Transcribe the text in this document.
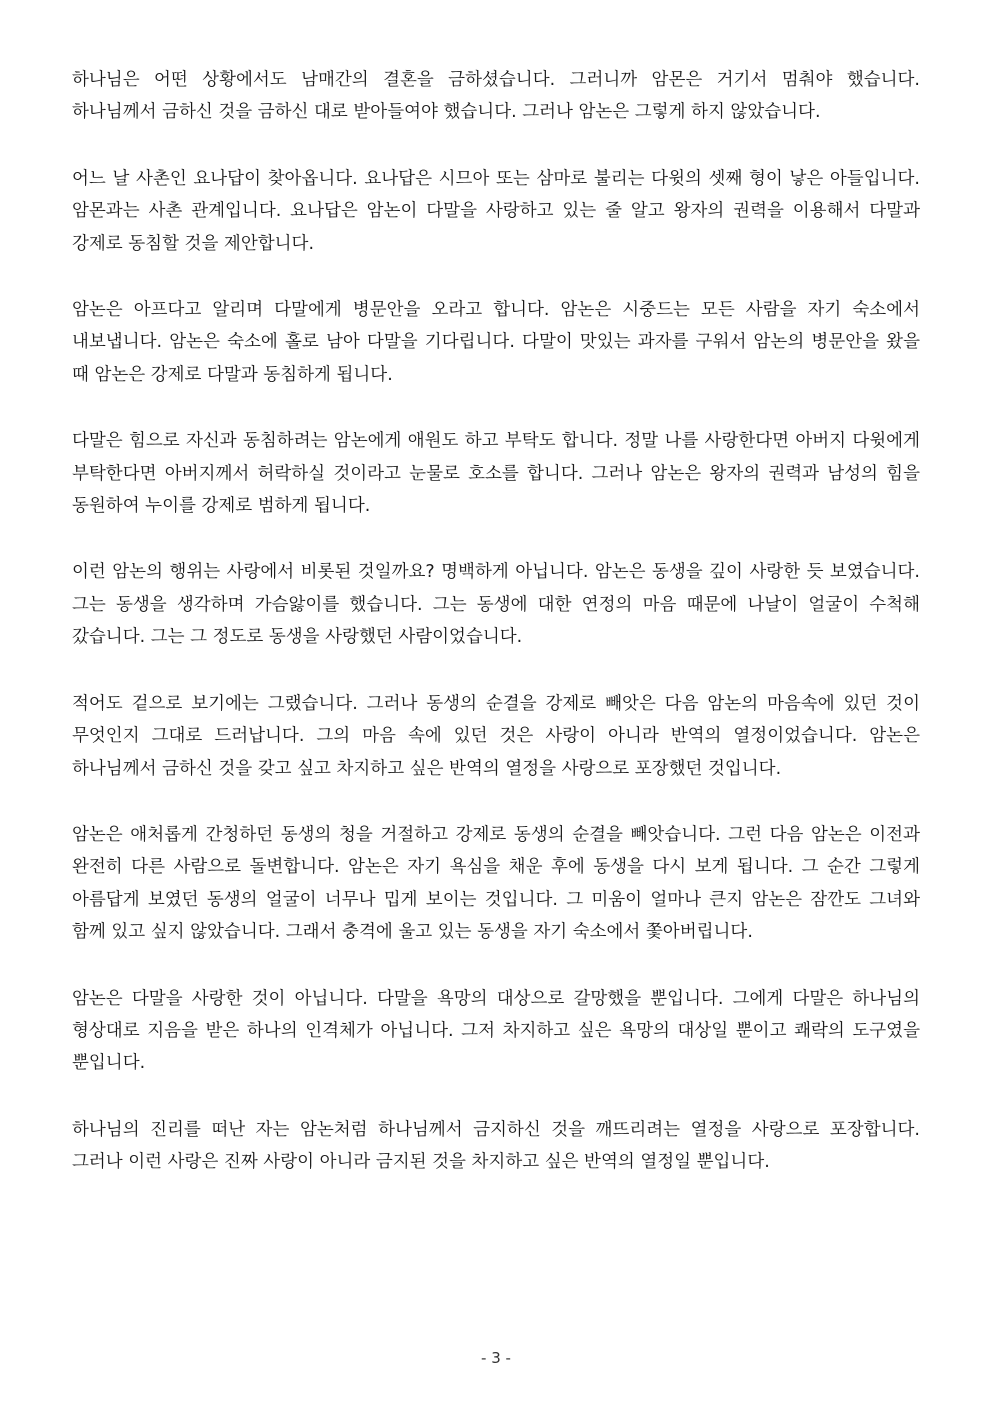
하나님은 어떤 상황에서도 남매간의 결혼을 금하셨습니다. 그러니까 암몬은 거기서 멈춰야 했습니다. 하나님께서 금하신 것을 금하신 대로 받아들여야 했습니다. 그러나 암논은 그렇게 하지 않았습니다.

어느 날 사촌인 요나답이 찾아옵니다. 요나답은 시므아 또는 삼마로 불리는 다윗의 셋째 형이 낳은 아들입니다. 암몬과는 사촌 관계입니다. 요나답은 암논이 다말을 사랑하고 있는 줄 알고 왕자의 권력을 이용해서 다말과 강제로 동침할 것을 제안합니다.

암논은 아프다고 알리며 다말에게 병문안을 오라고 합니다. 암논은 시중드는 모든 사람을 자기 숙소에서 내보냅니다. 암논은 숙소에 홀로 남아 다말을 기다립니다. 다말이 맛있는 과자를 구워서 암논의 병문안을 왔을 때 암논은 강제로 다말과 동침하게 됩니다.

다말은 힘으로 자신과 동침하려는 암논에게 애원도 하고 부탁도 합니다. 정말 나를 사랑한다면 아버지 다윗에게 부탁한다면 아버지께서 허락하실 것이라고 눈물로 호소를 합니다. 그러나 암논은 왕자의 권력과 남성의 힘을 동원하여 누이를 강제로 범하게 됩니다.

이런 암논의 행위는 사랑에서 비롯된 것일까요? 명백하게 아닙니다. 암논은 동생을 깊이 사랑한 듯 보였습니다. 그는 동생을 생각하며 가슴앓이를 했습니다. 그는 동생에 대한 연정의 마음 때문에 나날이 얼굴이 수척해 갔습니다. 그는 그 정도로 동생을 사랑했던 사람이었습니다.

적어도 겉으로 보기에는 그랬습니다. 그러나 동생의 순결을 강제로 빼앗은 다음 암논의 마음속에 있던 것이 무엇인지 그대로 드러납니다. 그의 마음 속에 있던 것은 사랑이 아니라 반역의 열정이었습니다. 암논은 하나님께서 금하신 것을 갖고 싶고 차지하고 싶은 반역의 열정을 사랑으로 포장했던 것입니다.

암논은 애처롭게 간청하던 동생의 청을 거절하고 강제로 동생의 순결을 빼앗습니다. 그런 다음 암논은 이전과 완전히 다른 사람으로 돌변합니다. 암논은 자기 욕심을 채운 후에 동생을 다시 보게 됩니다. 그 순간 그렇게 아름답게 보였던 동생의 얼굴이 너무나 밉게 보이는 것입니다. 그 미움이 얼마나 큰지 암논은 잠깐도 그녀와 함께 있고 싶지 않았습니다. 그래서 충격에 울고 있는 동생을 자기 숙소에서 쫓아버립니다.

암논은 다말을 사랑한 것이 아닙니다. 다말을 욕망의 대상으로 갈망했을 뿐입니다. 그에게 다말은 하나님의 형상대로 지음을 받은 하나의 인격체가 아닙니다. 그저 차지하고 싶은 욕망의 대상일 뿐이고 쾌락의 도구였을 뿐입니다.

하나님의 진리를 떠난 자는 암논처럼 하나님께서 금지하신 것을 깨뜨리려는 열정을 사랑으로 포장합니다. 그러나 이런 사랑은 진짜 사랑이 아니라 금지된 것을 차지하고 싶은 반역의 열정일 뿐입니다.

- 3 -
